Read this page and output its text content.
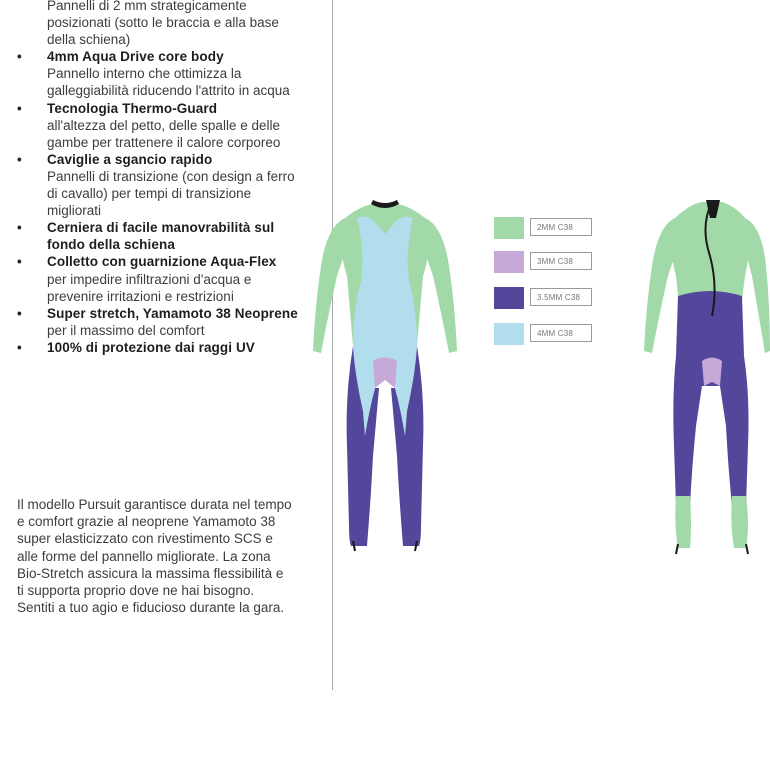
Pannelli di 2 mm strategicamente posizionati (sotto le braccia e alla base della schiena)
• 4mm Aqua Drive core body
Pannello interno che ottimizza la galleggiabilità riducendo l'attrito in acqua
• Tecnologia Thermo-Guard
all'altezza del petto, delle spalle e delle gambe per trattenere il calore corporeo
• Caviglie a sgancio rapido
Pannelli di transizione (con design a ferro di cavallo) per tempi di transizione migliorati
• Cerniera di facile manovrabilità sul fondo della schiena
• Colletto con guarnizione Aqua-Flex
per impedire infiltrazioni d'acqua e prevenire irritazioni e restrizioni
• Super stretch, Yamamoto 38 Neoprene per il massimo del comfort
• 100% di protezione dai raggi UV
Il modello Pursuit garantisce durata nel tempo e comfort grazie al neoprene Yamamoto 38 super elasticizzato con rivestimento SCS e alle forme del pannello migliorate. La zona Bio-Stretch assicura la massima flessibilità e ti supporta proprio dove ne hai bisogno. Sentiti a tuo agio e fiducioso durante la gara.
2MM C38
3MM C38
3.5MM C38
4MM C38
